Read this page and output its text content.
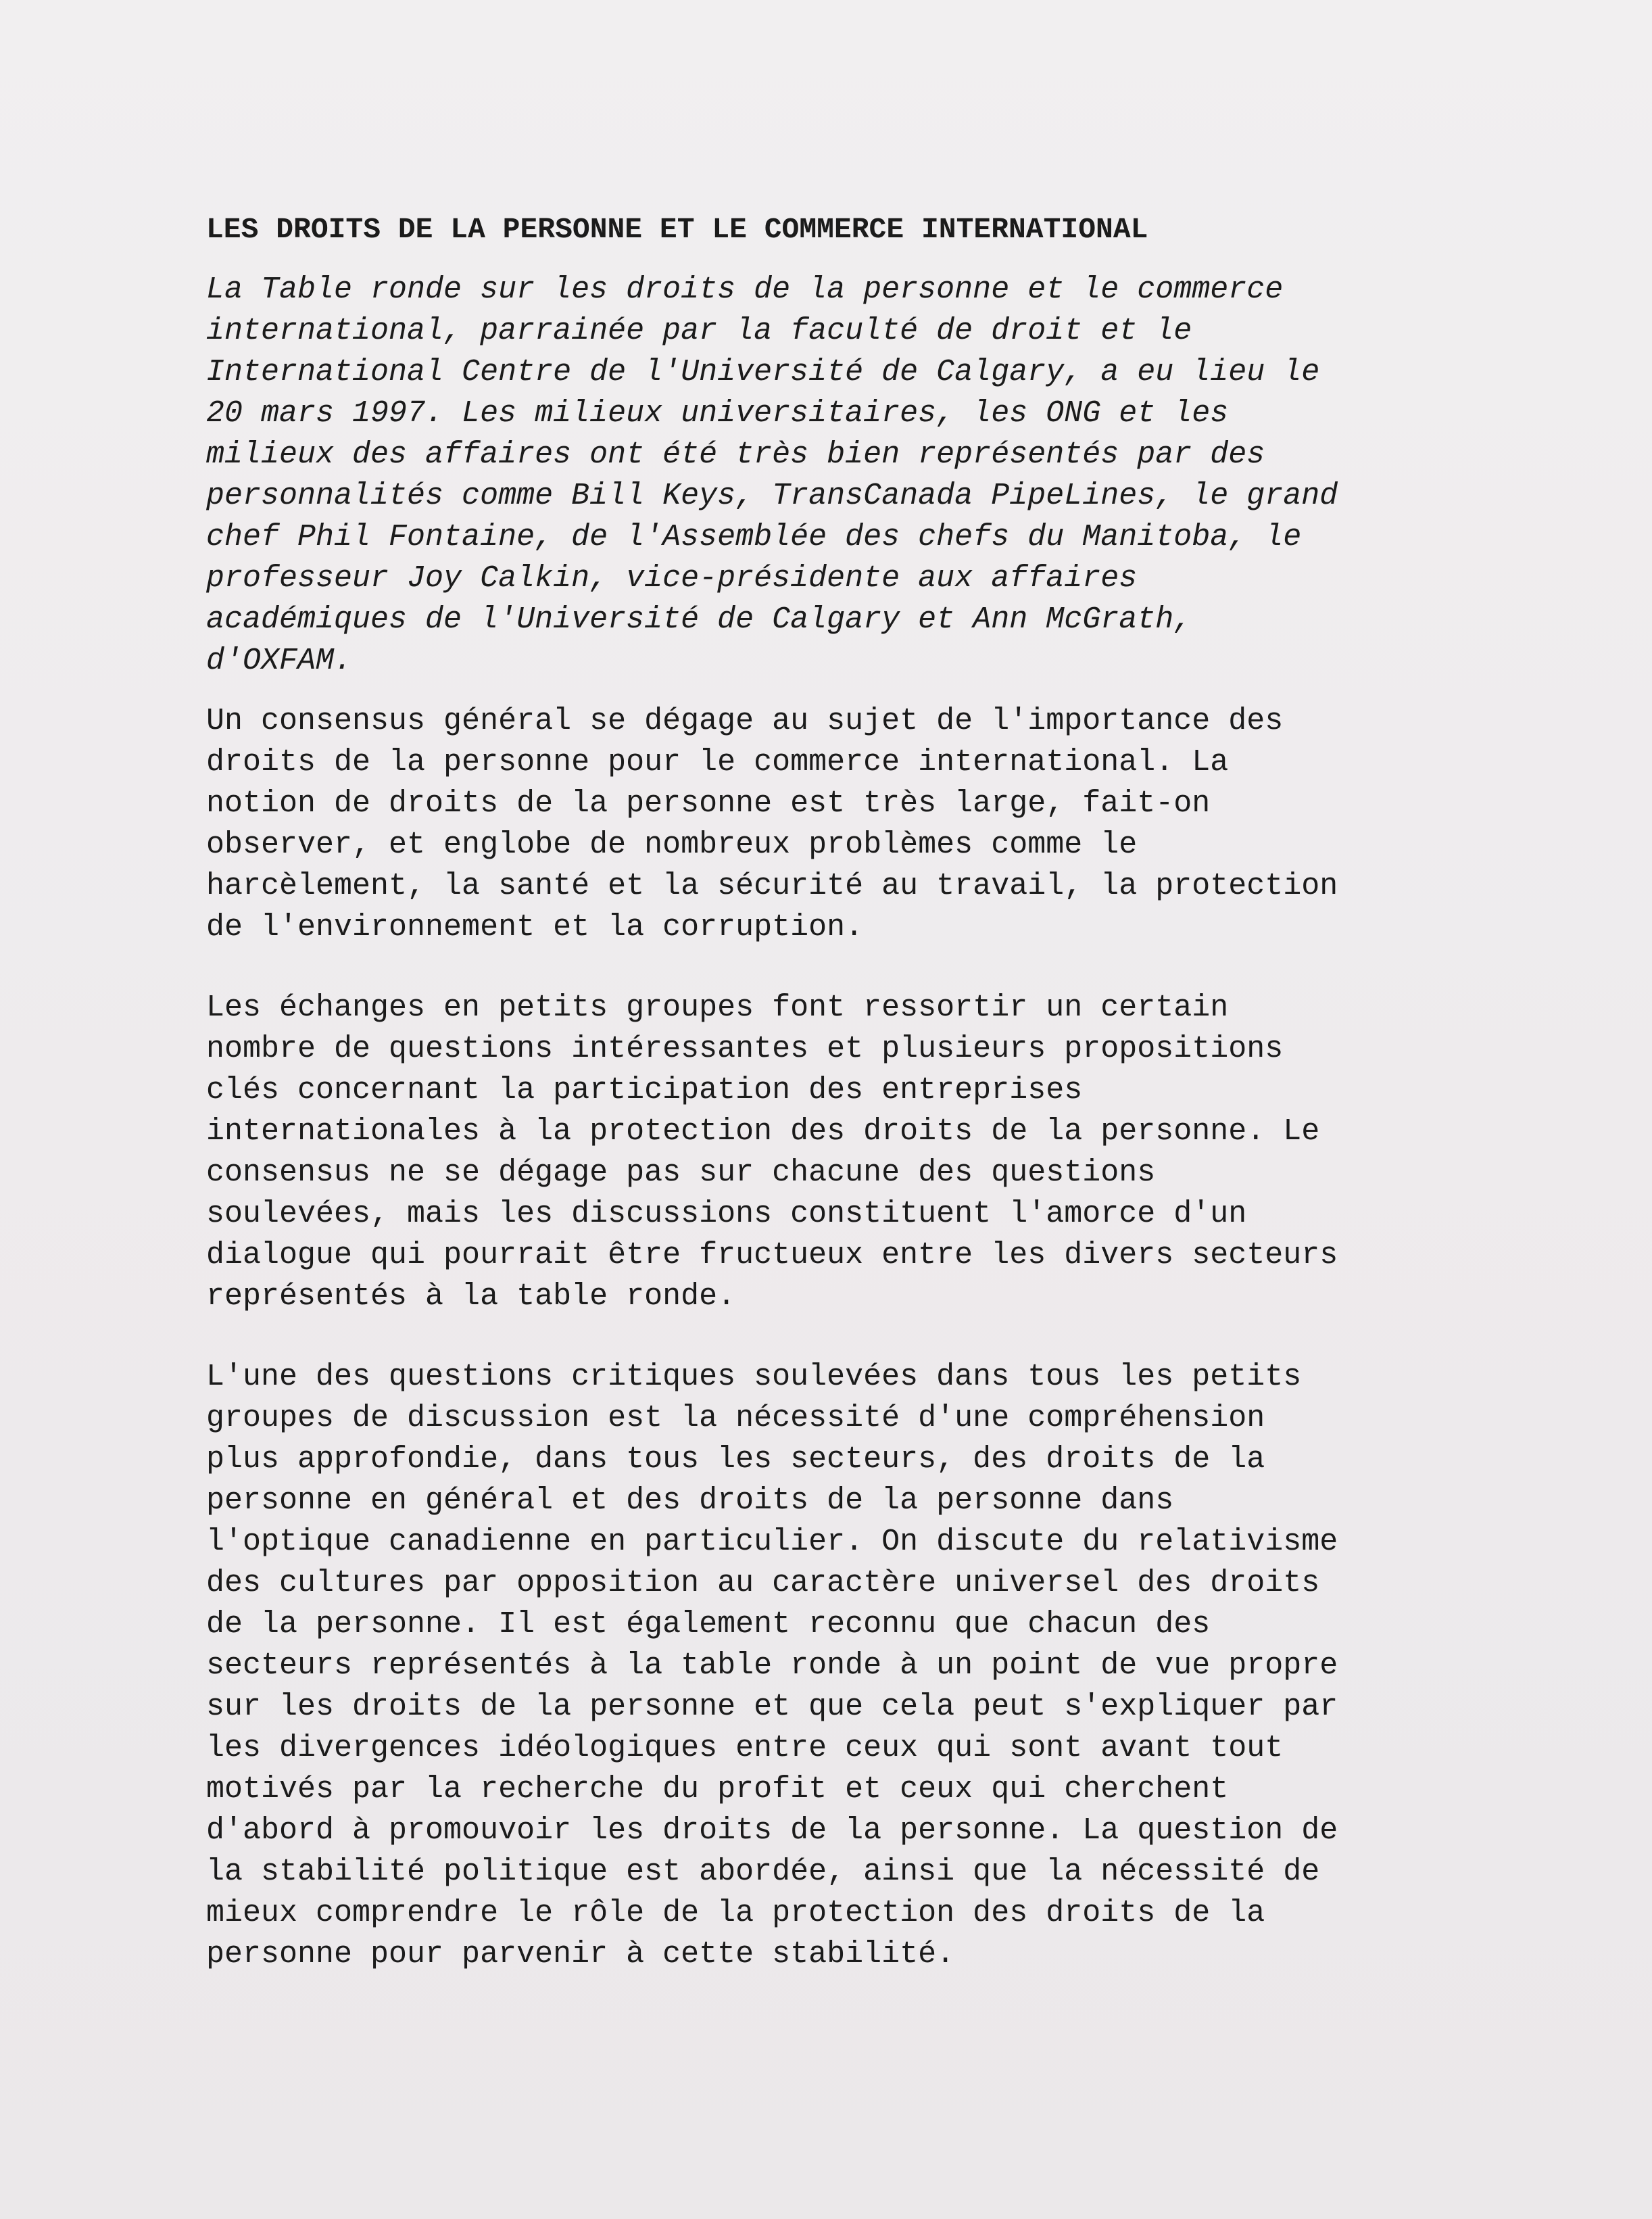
LES DROITS DE LA PERSONNE ET LE COMMERCE INTERNATIONAL
La Table ronde sur les droits de la personne et le commerce
international, parrainée par la faculté de droit et le
International Centre de l'Université de Calgary, a eu lieu le
20 mars 1997. Les milieux universitaires, les ONG et les
milieux des affaires ont été très bien représentés par des
personnalités comme Bill Keys, TransCanada PipeLines, le grand
chef Phil Fontaine, de l'Assemblée des chefs du Manitoba, le
professeur Joy Calkin, vice-présidente aux affaires
académiques de l'Université de Calgary et Ann McGrath,
d'OXFAM.
Un consensus général se dégage au sujet de l'importance des
droits de la personne pour le commerce international. La
notion de droits de la personne est très large, fait-on
observer, et englobe de nombreux problèmes comme le
harcèlement, la santé et la sécurité au travail, la protection
de l'environnement et la corruption.
Les échanges en petits groupes font ressortir un certain
nombre de questions intéressantes et plusieurs propositions
clés concernant la participation des entreprises
internationales à la protection des droits de la personne. Le
consensus ne se dégage pas sur chacune des questions
soulevées, mais les discussions constituent l'amorce d'un
dialogue qui pourrait être fructueux entre les divers secteurs
représentés à la table ronde.
L'une des questions critiques soulevées dans tous les petits
groupes de discussion est la nécessité d'une compréhension
plus approfondie, dans tous les secteurs, des droits de la
personne en général et des droits de la personne dans
l'optique canadienne en particulier. On discute du relativisme
des cultures par opposition au caractère universel des droits
de la personne. Il est également reconnu que chacun des
secteurs représentés à la table ronde à un point de vue propre
sur les droits de la personne et que cela peut s'expliquer par
les divergences idéologiques entre ceux qui sont avant tout
motivés par la recherche du profit et ceux qui cherchent
d'abord à promouvoir les droits de la personne. La question de
la stabilité politique est abordée, ainsi que la nécessité de
mieux comprendre le rôle de la protection des droits de la
personne pour parvenir à cette stabilité.
